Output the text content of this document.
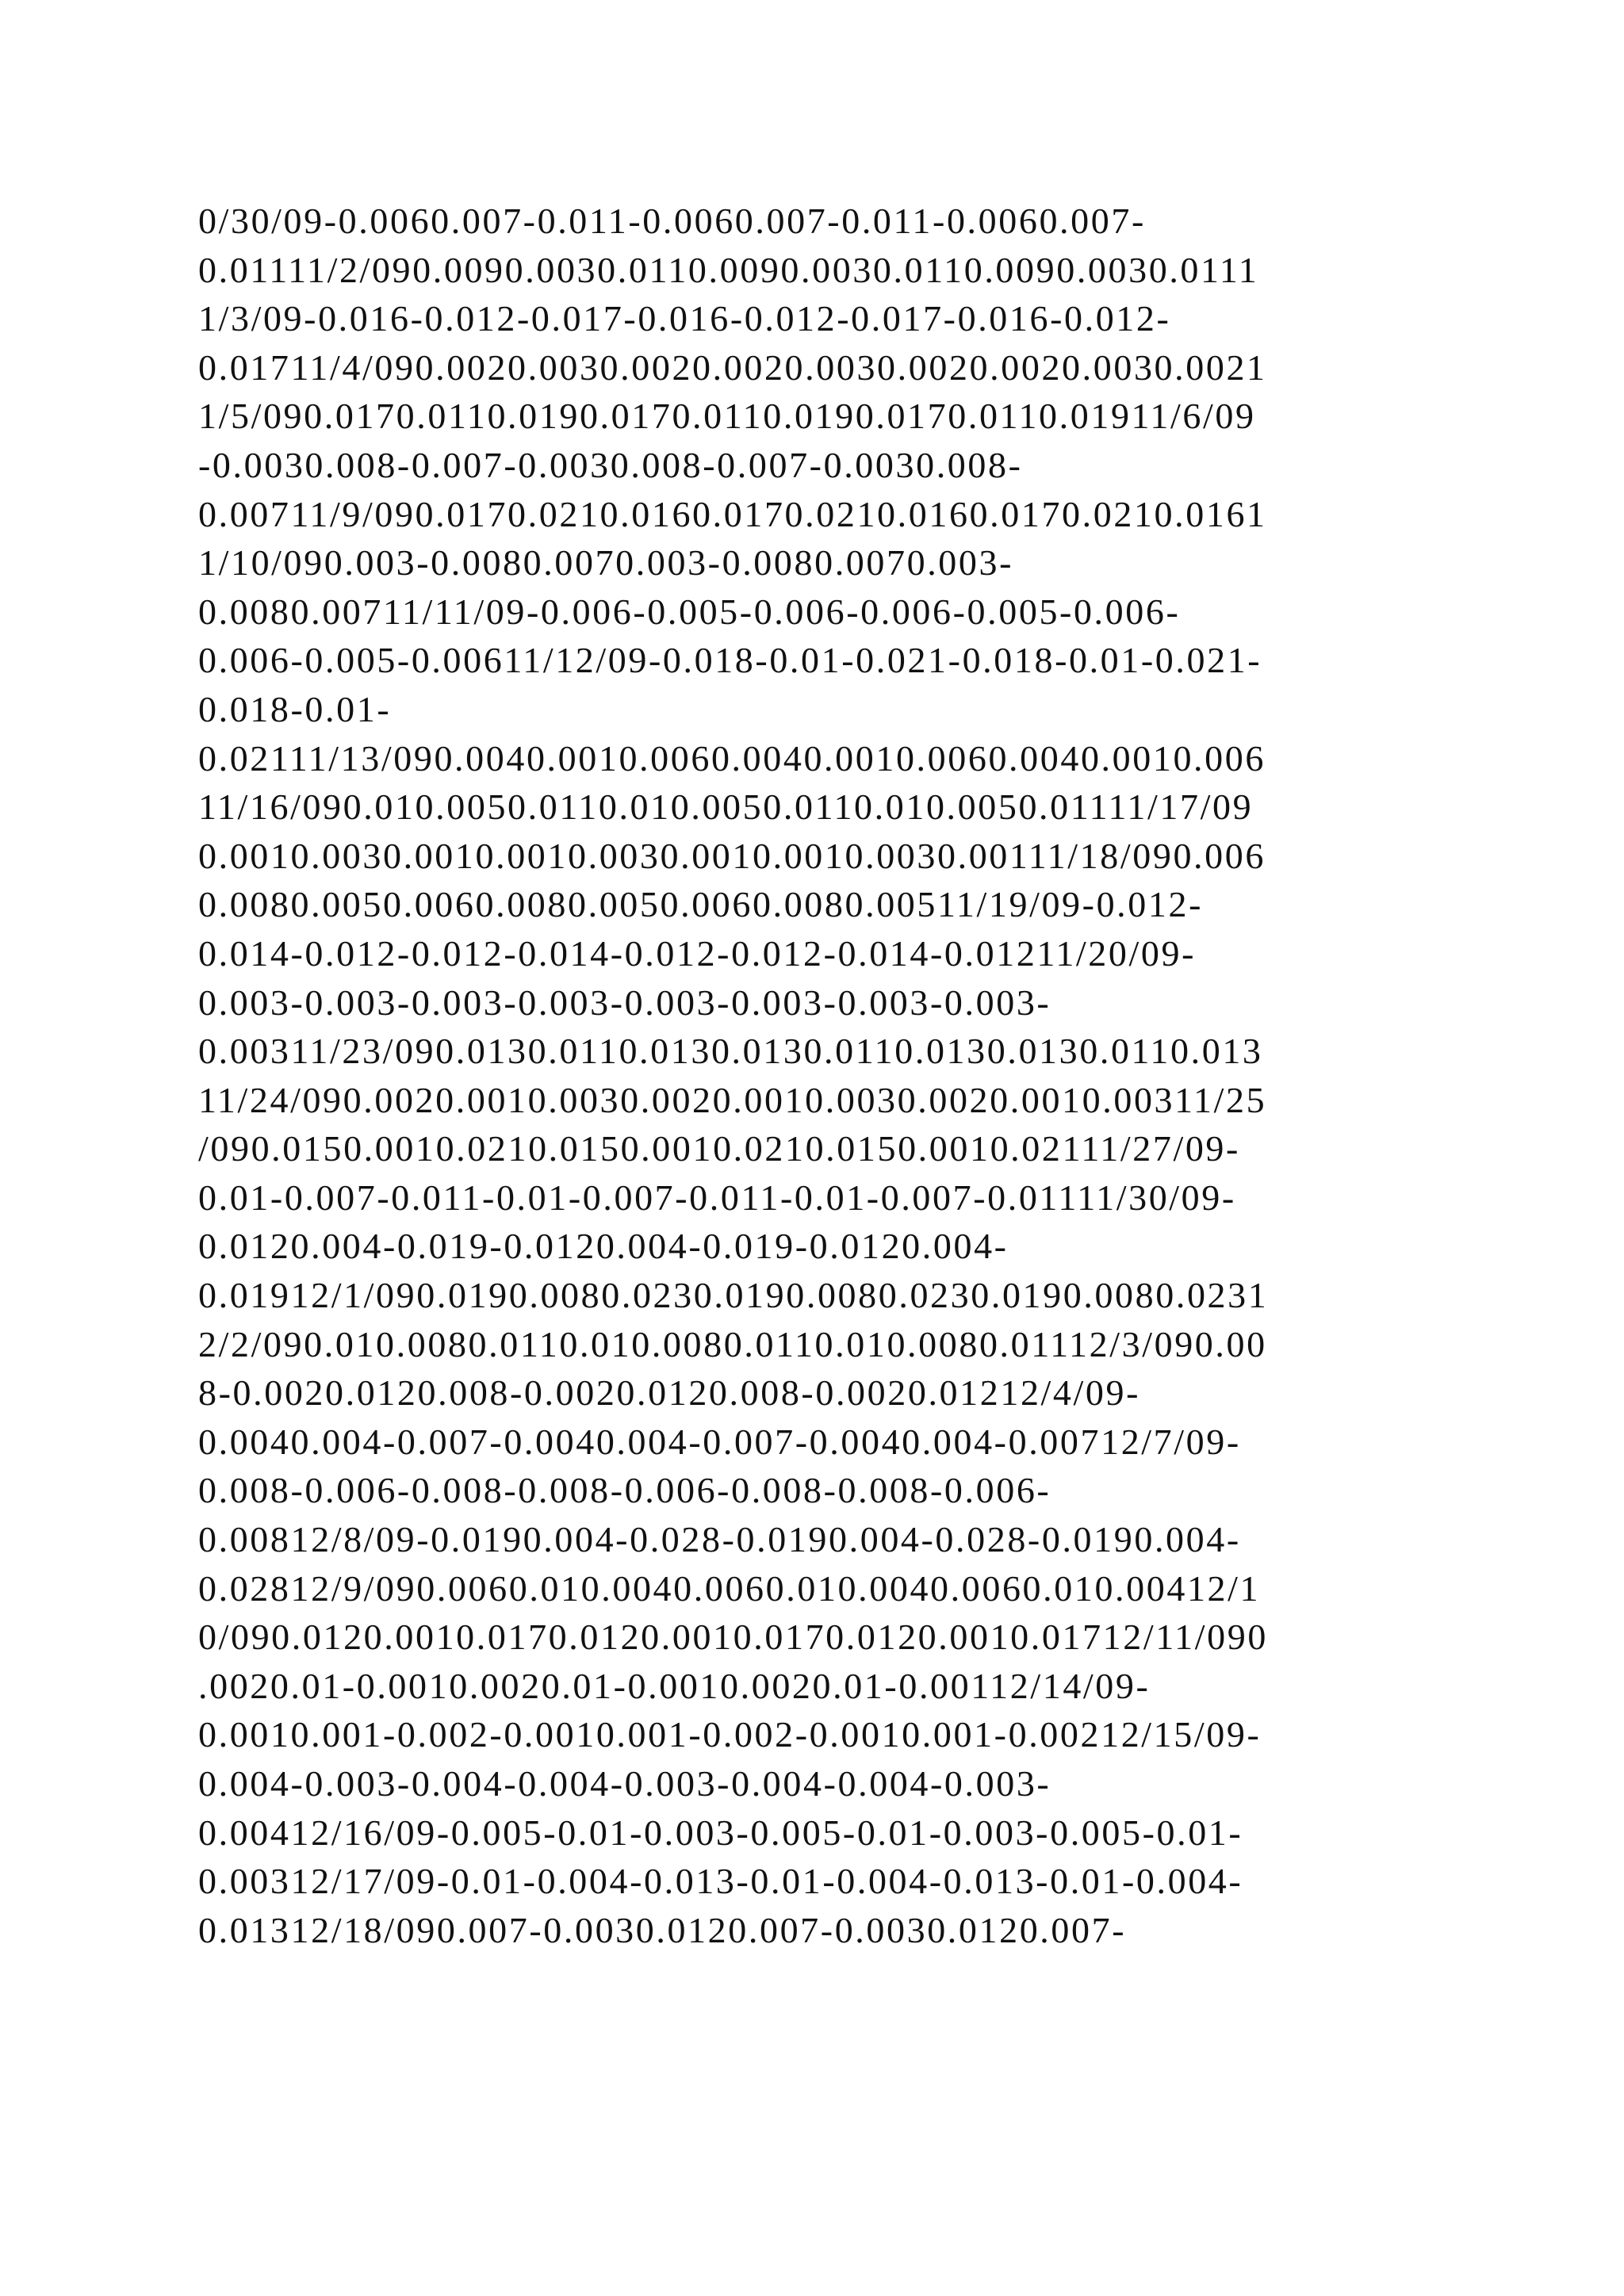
0/30/09-0.0060.007-0.011-0.0060.007-0.011-0.0060.007-
0.01111/2/090.0090.0030.0110.0090.0030.0110.0090.0030.0111
1/3/09-0.016-0.012-0.017-0.016-0.012-0.017-0.016-0.012-
0.01711/4/090.0020.0030.0020.0020.0030.0020.0020.0030.0021
1/5/090.0170.0110.0190.0170.0110.0190.0170.0110.01911/6/09
-0.0030.008-0.007-0.0030.008-0.007-0.0030.008-
0.00711/9/090.0170.0210.0160.0170.0210.0160.0170.0210.0161
1/10/090.003-0.0080.0070.003-0.0080.0070.003-
0.0080.00711/11/09-0.006-0.005-0.006-0.006-0.005-0.006-
0.006-0.005-0.00611/12/09-0.018-0.01-0.021-0.018-0.01-0.021-
0.018-0.01-
0.02111/13/090.0040.0010.0060.0040.0010.0060.0040.0010.006
11/16/090.010.0050.0110.010.0050.0110.010.0050.01111/17/09
0.0010.0030.0010.0010.0030.0010.0010.0030.00111/18/090.006
0.0080.0050.0060.0080.0050.0060.0080.00511/19/09-0.012-
0.014-0.012-0.012-0.014-0.012-0.012-0.014-0.01211/20/09-
0.003-0.003-0.003-0.003-0.003-0.003-0.003-0.003-
0.00311/23/090.0130.0110.0130.0130.0110.0130.0130.0110.013
11/24/090.0020.0010.0030.0020.0010.0030.0020.0010.00311/25
/090.0150.0010.0210.0150.0010.0210.0150.0010.02111/27/09-
0.01-0.007-0.011-0.01-0.007-0.011-0.01-0.007-0.01111/30/09-
0.0120.004-0.019-0.0120.004-0.019-0.0120.004-
0.01912/1/090.0190.0080.0230.0190.0080.0230.0190.0080.0231
2/2/090.010.0080.0110.010.0080.0110.010.0080.01112/3/090.00
8-0.0020.0120.008-0.0020.0120.008-0.0020.01212/4/09-
0.0040.004-0.007-0.0040.004-0.007-0.0040.004-0.00712/7/09-
0.008-0.006-0.008-0.008-0.006-0.008-0.008-0.006-
0.00812/8/09-0.0190.004-0.028-0.0190.004-0.028-0.0190.004-
0.02812/9/090.0060.010.0040.0060.010.0040.0060.010.00412/1
0/090.0120.0010.0170.0120.0010.0170.0120.0010.01712/11/090
.0020.01-0.0010.0020.01-0.0010.0020.01-0.00112/14/09-
0.0010.001-0.002-0.0010.001-0.002-0.0010.001-0.00212/15/09-
0.004-0.003-0.004-0.004-0.003-0.004-0.004-0.003-
0.00412/16/09-0.005-0.01-0.003-0.005-0.01-0.003-0.005-0.01-
0.00312/17/09-0.01-0.004-0.013-0.01-0.004-0.013-0.01-0.004-
0.01312/18/090.007-0.0030.0120.007-0.0030.0120.007-
